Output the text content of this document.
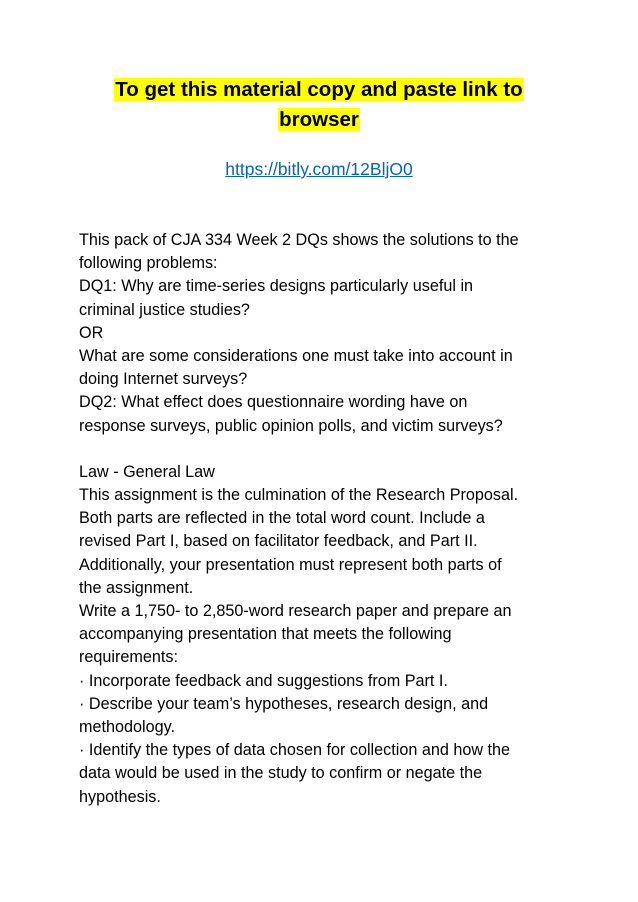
To get this material copy and paste link to
browser
https://bitly.com/12BljO0
This pack of CJA 334 Week 2 DQs shows the solutions to the
following problems:
DQ1: Why are time-series designs particularly useful in
criminal justice studies?
OR
What are some considerations one must take into account in
doing Internet surveys?
DQ2: What effect does questionnaire wording have on
response surveys, public opinion polls, and victim surveys?
Law - General Law
This assignment is the culmination of the Research Proposal.
Both parts are reflected in the total word count. Include a
revised Part I, based on facilitator feedback, and Part II.
Additionally, your presentation must represent both parts of
the assignment.
Write a 1,750- to 2,850-word research paper and prepare an
accompanying presentation that meets the following
requirements:
· Incorporate feedback and suggestions from Part I.
· Describe your team’s hypotheses, research design, and
methodology.
· Identify the types of data chosen for collection and how the
data would be used in the study to confirm or negate the
hypothesis.
